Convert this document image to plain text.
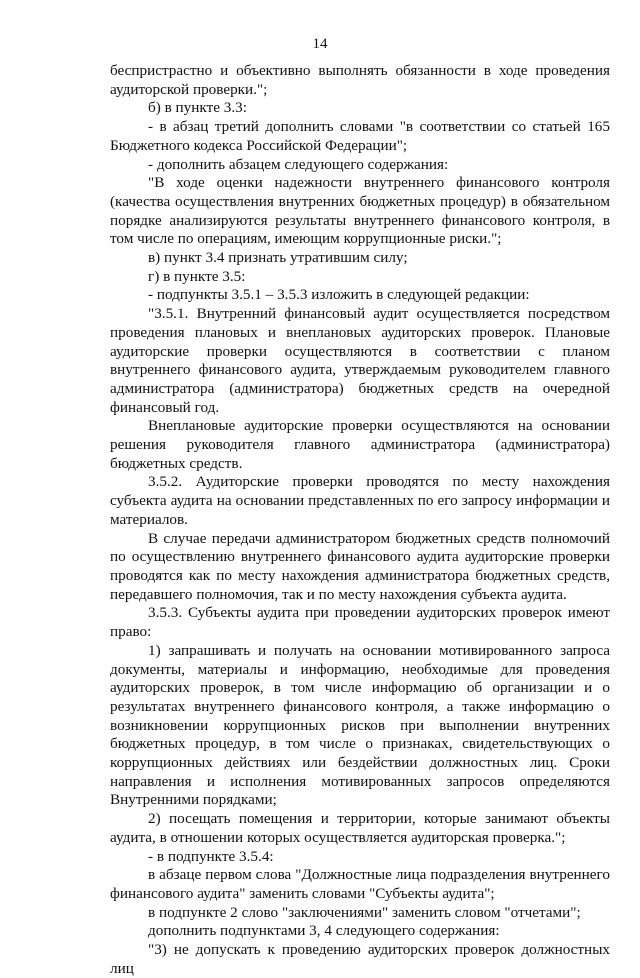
14

беспристрастно и объективно выполнять обязанности в ходе проведения аудиторской проверки.";

б) в пункте 3.3:

- в абзац третий дополнить словами "в соответствии со статьей 165 Бюджетного кодекса Российской Федерации";

- дополнить абзацем следующего содержания:

"В ходе оценки надежности внутреннего финансового контроля (качества осуществления внутренних бюджетных процедур) в обязательном порядке анализируются результаты внутреннего финансового контроля, в том числе по операциям, имеющим коррупционные риски.";

в) пункт 3.4 признать утратившим силу;

г) в пункте 3.5:

- подпункты 3.5.1 – 3.5.3 изложить в следующей редакции:

"3.5.1. Внутренний финансовый аудит осуществляется посредством проведения плановых и внеплановых аудиторских проверок. Плановые аудиторские проверки осуществляются в соответствии с планом внутреннего финансового аудита, утверждаемым руководителем главного администратора (администратора) бюджетных средств на очередной финансовый год.

Внеплановые аудиторские проверки осуществляются на основании решения руководителя главного администратора (администратора) бюджетных средств.

3.5.2. Аудиторские проверки проводятся по месту нахождения субъекта аудита на основании представленных по его запросу информации и материалов.

В случае передачи администратором бюджетных средств полномочий по осуществлению внутреннего финансового аудита аудиторские проверки проводятся как по месту нахождения администратора бюджетных средств, передавшего полномочия, так и по месту нахождения субъекта аудита.

3.5.3. Субъекты аудита при проведении аудиторских проверок имеют право:

1) запрашивать и получать на основании мотивированного запроса документы, материалы и информацию, необходимые для проведения аудиторских проверок, в том числе информацию об организации и о результатах внутреннего финансового контроля, а также информацию о возникновении коррупционных рисков при выполнении внутренних бюджетных процедур, в том числе о признаках, свидетельствующих о коррупционных действиях или бездействии должностных лиц. Сроки направления и исполнения мотивированных запросов определяются Внутренними порядками;

2) посещать помещения и территории, которые занимают объекты аудита, в отношении которых осуществляется аудиторская проверка.";

- в подпункте 3.5.4:

в абзаце первом слова "Должностные лица подразделения внутреннего финансового аудита" заменить словами "Субъекты аудита";

в подпункте 2 слово "заключениями" заменить словом "отчетами";

дополнить подпунктами 3, 4 следующего содержания:

"3) не допускать к проведению аудиторских проверок должностных лиц
